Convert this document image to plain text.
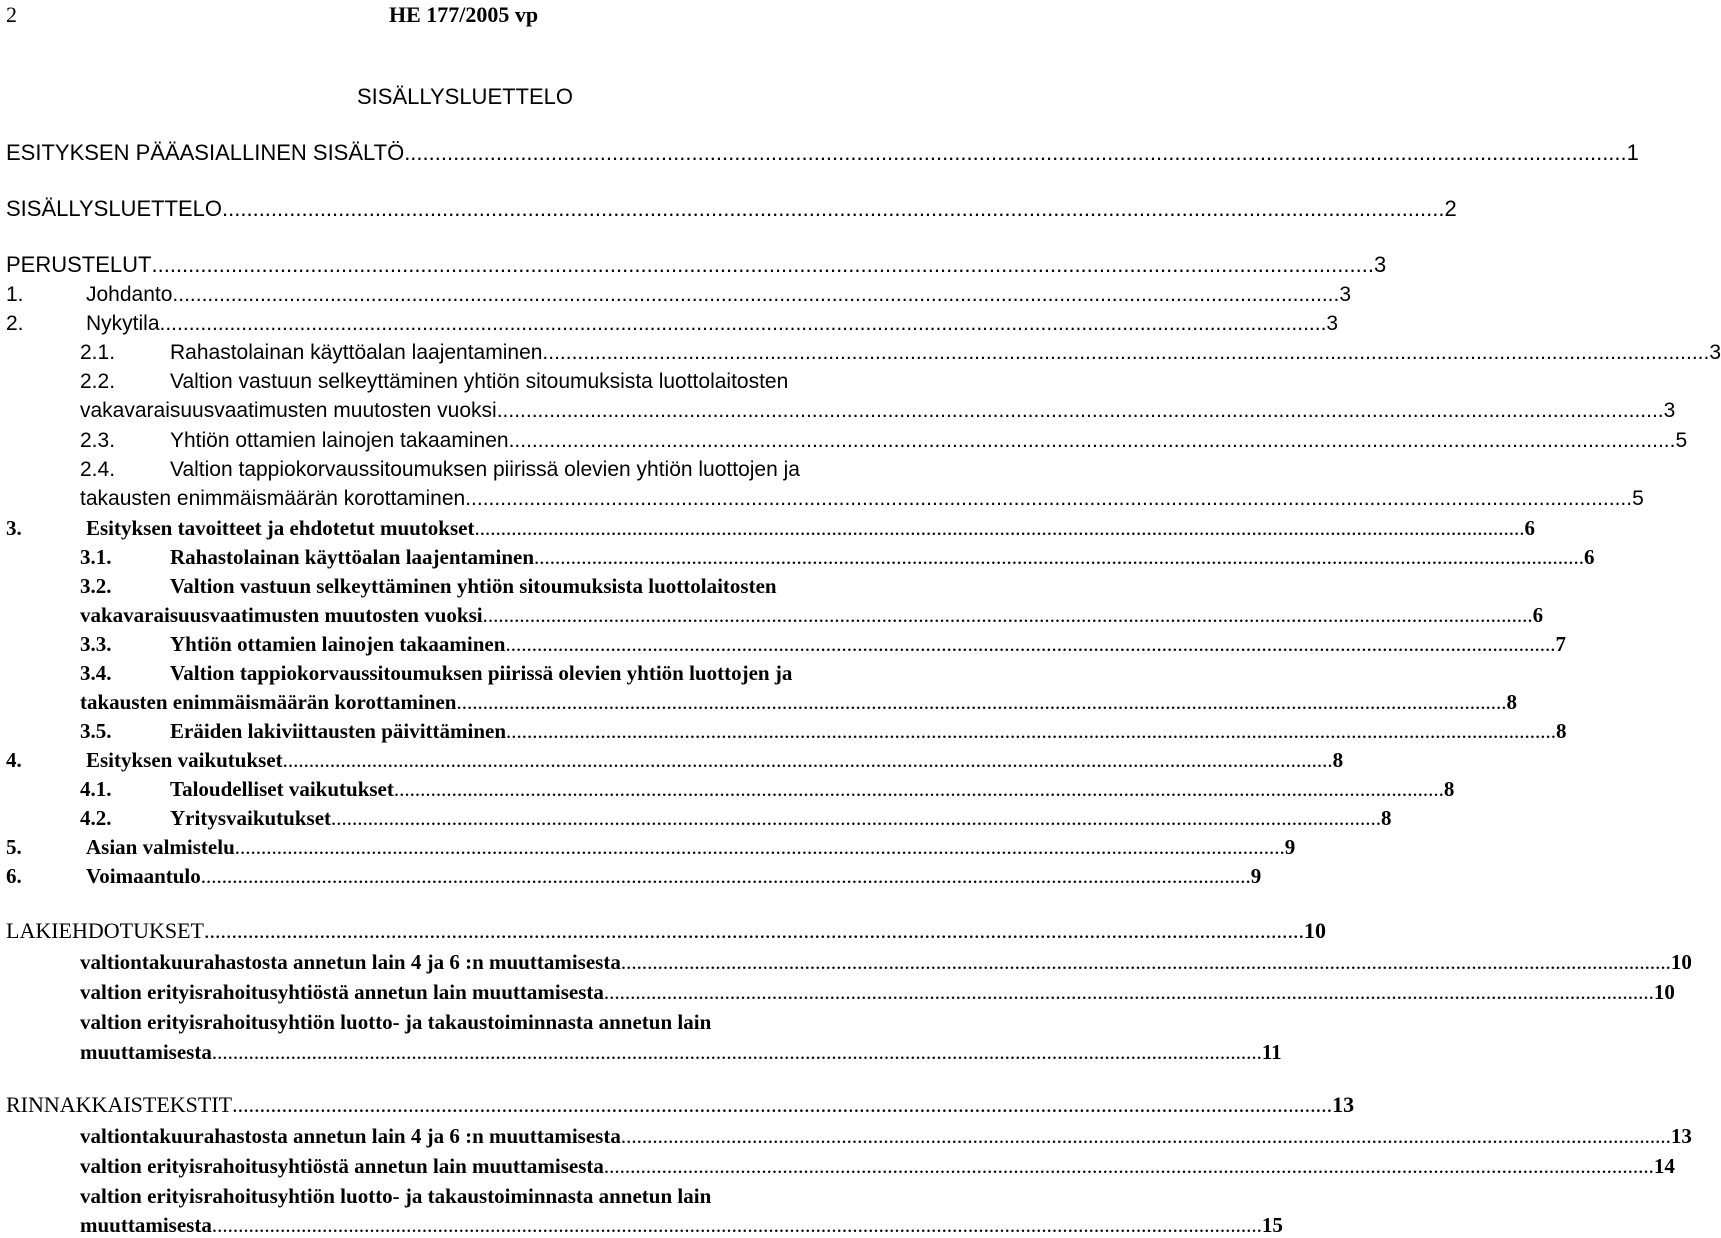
2	HE 177/2005 vp
SISÄLLYSLUETTELO
ESITYKSEN PÄÄASIALLINEN SISÄLTÖ ........................................................................................................................................................................................................ 1
SISÄLLYSLUETTELO ........................................................................................................................................................................................................ 2
PERUSTELUT ........................................................................................................................................................................................................ 3
1.	Johdanto ........................................................................................................................................................................................................ 3
2.	Nykytila ........................................................................................................................................................................................................ 3
2.1.	Rahastolainan käyttöalan laajentaminen ........................................................................................................................................................................................................ 3
2.2.	Valtion vastuun selkeyttäminen yhtiön sitoumuksista luottolaitosten
vakavaraisuusvaatimusten muutosten vuoksi ........................................................................................................................................................................................................ 3
2.3.	Yhtiön ottamien lainojen takaaminen ........................................................................................................................................................................................................ 5
2.4.	Valtion tappiokorvaussitoumuksen piirissä olevien yhtiön luottojen ja
takausten enimmäismäärän korottaminen ........................................................................................................................................................................................................ 5
3.	Esityksen tavoitteet ja ehdotetut muutokset ........................................................................................................................................................................................................ 6
3.1.	Rahastolainan käyttöalan laajentaminen ........................................................................................................................................................................................................ 6
3.2.	Valtion vastuun selkeyttäminen yhtiön sitoumuksista luottolaitosten
vakavaraisuusvaatimusten muutosten vuoksi ........................................................................................................................................................................................................ 6
3.3.	Yhtiön ottamien lainojen takaaminen ........................................................................................................................................................................................................ 7
3.4.	Valtion tappiokorvaussitoumuksen piirissä olevien yhtiön luottojen ja
takausten enimmäismäärän korottaminen ........................................................................................................................................................................................................ 8
3.5.	Eräiden lakiviittausten päivittäminen ........................................................................................................................................................................................................ 8
4.	Esityksen vaikutukset ........................................................................................................................................................................................................ 8
4.1.	Taloudelliset vaikutukset ........................................................................................................................................................................................................ 8
4.2.	Yritysvaikutukset ........................................................................................................................................................................................................ 8
5.	Asian valmistelu ........................................................................................................................................................................................................ 9
6.	Voimaantulo ........................................................................................................................................................................................................ 9
LAKIEHDOTUKSET ........................................................................................................................................................................................................ 10
valtiontakuurahastosta annetun lain 4 ja 6 :n muuttamisesta ........................................................................................................................................................................................................ 10
valtion erityisrahoitusyhtiöstä annetun lain muuttamisesta ........................................................................................................................................................................................................ 10
valtion erityisrahoitusyhtiön luotto- ja takaustoiminnasta annetun lain
muuttamisesta ........................................................................................................................................................................................................ 11
RINNAKKAISTEKSTIT ........................................................................................................................................................................................................ 13
valtiontakuurahastosta annetun lain 4 ja 6 :n muuttamisesta ........................................................................................................................................................................................................ 13
valtion erityisrahoitusyhtiöstä annetun lain muuttamisesta ........................................................................................................................................................................................................ 14
valtion erityisrahoitusyhtiön luotto- ja takaustoiminnasta annetun lain
muuttamisesta ........................................................................................................................................................................................................ 15
